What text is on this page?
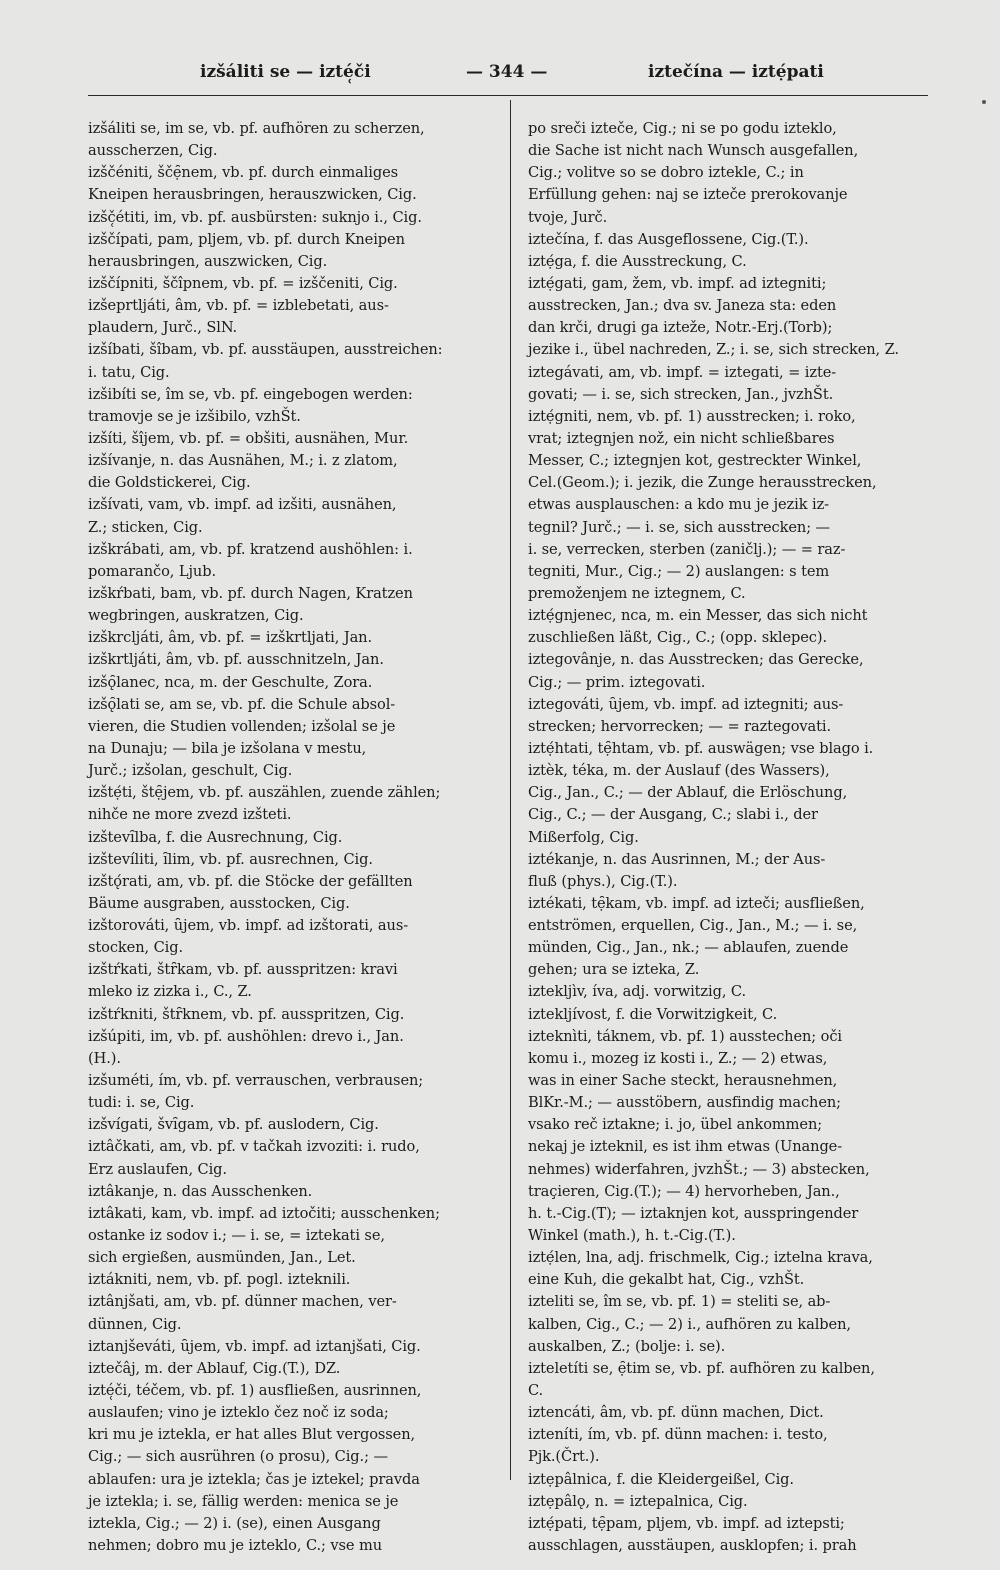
izšáliti se — izté̜či	— 344 —	iztečína — iztẹ́pati
izšáliti se, im se, vb. pf. aufhören zu scherzen,
ausscherzen, Cig.
izščéniti, ščẹ̑nem, vb. pf. durch einmaliges
Kneipen herausbringen, herauszwicken, Cig.
izšč̜étiti, im, vb. pf. ausbürsten: suknjo i., Cig.
izščípati, pam, pljem, vb. pf. durch Kneipen
herausbringen, auszwicken, Cig.
izščípniti, ščîpnem, vb. pf. = izščeniti, Cig.
izšeprtljáti, âm, vb. pf. = izblebetati, aus-
plaudern, Jurč., SlN.
izšíbati, šîbam, vb. pf. ausstäupen, ausstreichen:
i. tatu, Cig.
izšibíti se, îm se, vb. pf. eingebogen werden:
tramovje se je izšibilo, vzhŠt.
izšíti, šîjem, vb. pf. = obšiti, ausnähen, Mur.
izšívanje, n. das Ausnähen, M.; i. z zlatom,
die Goldstickerei, Cig.
izšívati, vam, vb. impf. ad izšiti, ausnähen,
Z.; sticken, Cig.
izškrábati, am, vb. pf. kratzend aushöhlen: i.
pomarančo, Ljub.
izškŕbati, bam, vb. pf. durch Nagen, Kratzen
wegbringen, auskratzen, Cig.
izškrcljáti, âm, vb. pf. = izškrtljati, Jan.
izškrtljáti, âm, vb. pf. ausschnitzeln, Jan.
izšǫ̑lanec, nca, m. der Geschulte, Zora.
izšǫ̑lati se, am se, vb. pf. die Schule absol-
vieren, die Studien vollenden; izšolal se je
na Dunaju; — bila je izšolana v mestu,
Jurč.; izšolan, geschult, Cig.
izštẹ́ti, štẹ̑jem, vb. pf. auszählen, zuende zählen;
nihče ne more zvezd izšteti.
izštevȋlba, f. die Ausrechnung, Cig.
izštevíliti, ȋlim, vb. pf. ausrechnen, Cig.
izštǫ́rati, am, vb. pf. die Stöcke der gefällten
Bäume ausgraben, ausstocken, Cig.
izštorováti, ȗjem, vb. impf. ad izštorati, aus-
stocken, Cig.
izštŕkati, štȓkam, vb. pf. ausspritzen: kravi
mleko iz zizka i., C., Z.
izštŕkniti, štȓknem, vb. pf. ausspritzen, Cig.
izšúpiti, im, vb. pf. aushöhlen: drevo i., Jan.
(H.).
izšuméti, ím, vb. pf. verrauschen, verbrausen;
tudi: i. se, Cig.
izšvígati, švȋgam, vb. pf. auslodern, Cig.
iztâčkati, am, vb. pf. v tačkah izvoziti: i. rudo,
Erz auslaufen, Cig.
iztâkanje, n. das Ausschenken.
iztâkati, kam, vb. impf. ad iztočiti; ausschenken;
ostanke iz sodov i.; — i. se, = iztekati se,
sich ergießen, ausmünden, Jan., Let.
iztákniti, nem, vb. pf. pogl. izteknili.
iztânjšati, am, vb. pf. dünner machen, ver-
dünnen, Cig.
iztanjševáti, ȗjem, vb. impf. ad iztanjšati, Cig.
iztečâj, m. der Ablauf, Cig.(T.), DZ.
izté̜či, téčem, vb. pf. 1) ausfließen, ausrinnen,
auslaufen; vino je izteklo čez noč iz soda;
kri mu je iztekla, er hat alles Blut vergossen,
Cig.; — sich ausrühren (o prosu), Cig.; —
ablaufen: ura je iztekla; čas je iztekel; pravda
je iztekla; i. se, fällig werden: menica se je
iztekla, Cig.; — 2) i. (se), einen Ausgang
nehmen; dobro mu je izteklo, C.; vse mu
po sreči izteče, Cig.; ni se po godu izteklo,
die Sache ist nicht nach Wunsch ausgefallen,
Cig.; volitve so se dobro iztekle, C.; in
Erfüllung gehen: naj se izteče prerokovanje
tvoje, Jurč.
iztečína, f. das Ausgeflossene, Cig.(T.).
iztẹ́ga, f. die Ausstreckung, C.
iztẹ́gati, gam, žem, vb. impf. ad iztegniti;
ausstrecken, Jan.; dva sv. Janeza sta: eden
dan krči, drugi ga izteže, Notr.-Erj.(Torb);
jezike i., übel nachreden, Z.; i. se, sich strecken, Z.
iztegávati, am, vb. impf. = iztegati, = izte-
govati; — i. se, sich strecken, Jan., jvzhŠt.
iztẹ́gniti, nem, vb. pf. 1) ausstrecken; i. roko,
vrat; iztegnjen nož, ein nicht schließbares
Messer, C.; iztegnjen kot, gestreckter Winkel,
Cel.(Geom.); i. jezik, die Zunge herausstrecken,
etwas ausplauschen: a kdo mu je jezik iz-
tegnil? Jurč.; — i. se, sich ausstrecken; —
i. se, verrecken, sterben (zaničlj.); — = raz-
tegniti, Mur., Cig.; — 2) auslangen: s tem
premoženjem ne iztegnem, C.
iztẹ́gnjenec, nca, m. ein Messer, das sich nicht
zuschließen läßt, Cig., C.; (opp. sklepec).
iztegovânje, n. das Ausstrecken; das Gerecke,
Cig.; — prim. iztegovati.
iztegováti, ȗjem, vb. impf. ad iztegniti; aus-
strecken; hervorrecken; — = raztegovati.
iztẹ́htati, tẹ̑htam, vb. pf. auswägen; vse blago i.
iztèk, téka, m. der Auslauf (des Wassers),
Cig., Jan., C.; — der Ablauf, die Erlöschung,
Cig., C.; — der Ausgang, C.; slabi i., der
Mißerfolg, Cig.
iztékanje, n. das Ausrinnen, M.; der Aus-
fluß (phys.), Cig.(T.).
iztékati, tẹ̑kam, vb. impf. ad izteči; ausfließen,
entströmen, erquellen, Cig., Jan., M.; — i. se,
münden, Cig., Jan., nk.; — ablaufen, zuende
gehen; ura se izteka, Z.
iztekljìv, íva, adj. vorwitzig, C.
iztekljívost, f. die Vorwitzigkeit, C.
izteknìti, táknem, vb. pf. 1) ausstechen; oči
komu i., mozeg iz kosti i., Z.; — 2) etwas,
was in einer Sache steckt, herausnehmen,
BlKr.-M.; — ausstöbern, ausfindig machen;
vsako reč iztakne; i. jo, übel ankommen;
nekaj je izteknil, es ist ihm etwas (Unange-
nehmes) widerfahren, jvzhŠt.; — 3) abstecken,
traçieren, Cig.(T.); — 4) hervorheben, Jan.,
h. t.-Cig.(T); — iztaknjen kot, ausspringender
Winkel (math.), h. t.-Cig.(T.).
iztẹ́len, lna, adj. frischmelk, Cig.; iztelna krava,
eine Kuh, die gekalbt hat, Cig., vzhŠt.
izteliti se, îm se, vb. pf. 1) = steliti se, ab-
kalben, Cig., C.; — 2) i., aufhören zu kalben,
auskalben, Z.; (bolje: i. se).
izteletíti se, ẹ̑tim se, vb. pf. aufhören zu kalben,
C.
iztencáti, âm, vb. pf. dünn machen, Dict.
izteníti, ím, vb. pf. dünn machen: i. testo,
Pjk.(Črt.).
iztẹpâlnica, f. die Kleidergeißel, Cig.
iztẹpâlǫ, n. = iztepalnica, Cig.
iztẹ́pati, tẹ̑pam, pljem, vb. impf. ad iztepsti;
ausschlagen, ausstäupen, ausklopfen; i. prah
